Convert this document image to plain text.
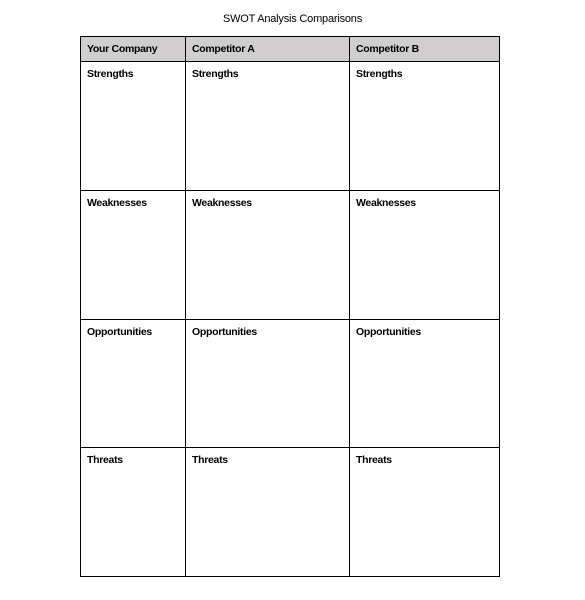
SWOT Analysis Comparisons
Your Company	Competitor A	Competitor B
Strengths	Strengths	Strengths
Weaknesses	Weaknesses	Weaknesses
Opportunities	Opportunities	Opportunities
Threats	Threats	Threats
